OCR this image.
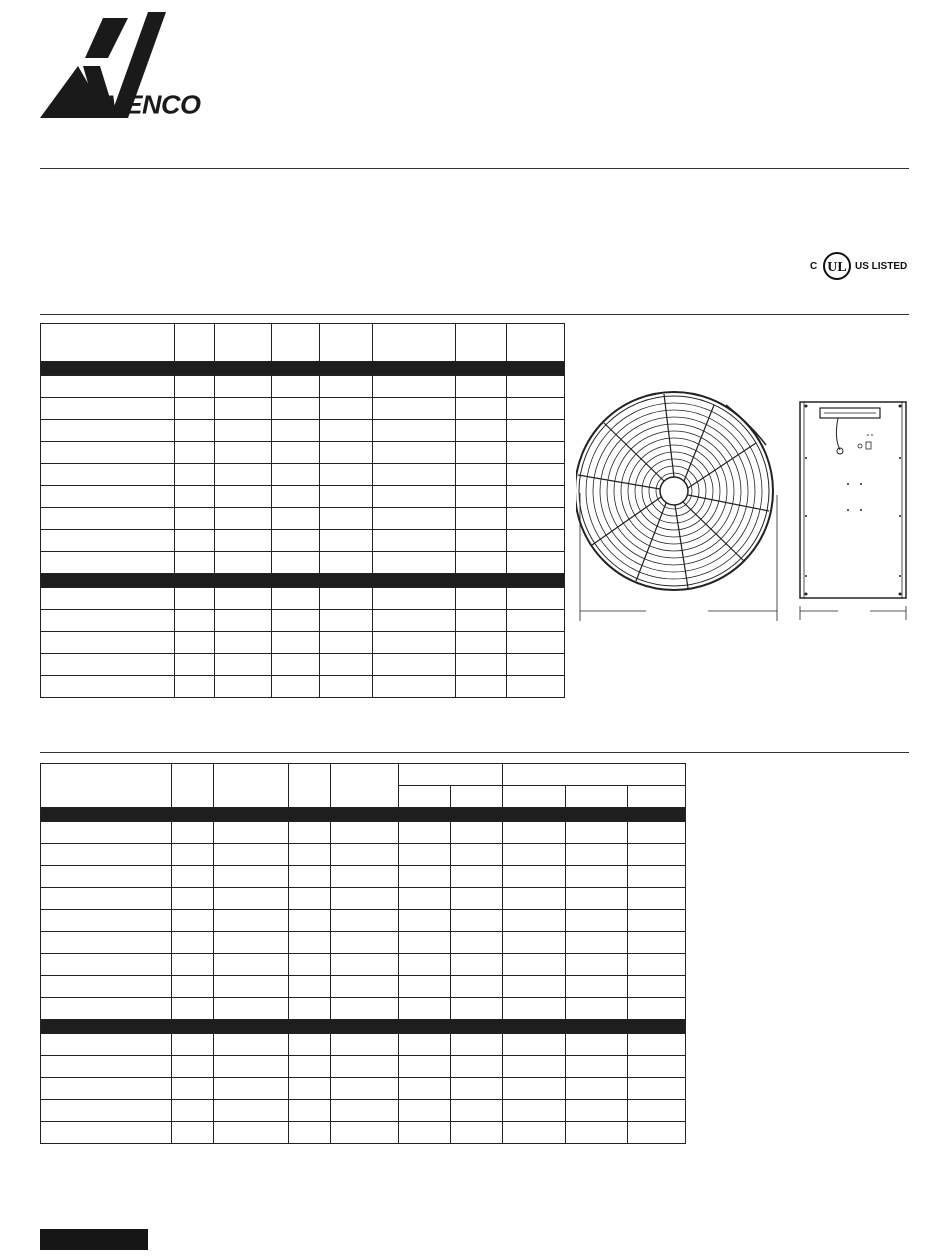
VENCO
C UL US LISTED
